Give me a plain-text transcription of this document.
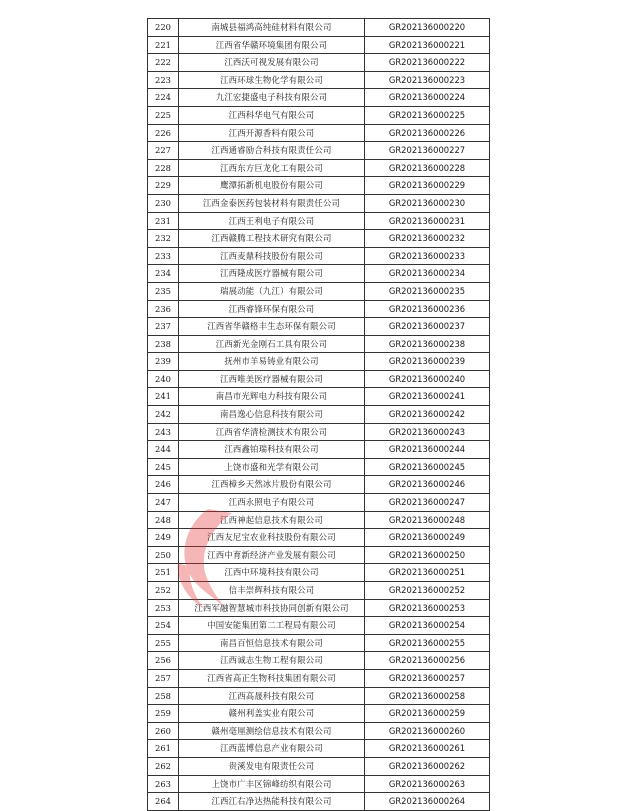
220	南城县福鸿高纯硅材料有限公司	GR202136000220
221	江西省华赣环境集团有限公司	GR202136000221
222	江西沃可视发展有限公司	GR202136000222
223	江西环球生物化学有限公司	GR202136000223
224	九江宏捷盛电子科技有限公司	GR202136000224
225	江西科华电气有限公司	GR202136000225
226	江西开源香料有限公司	GR202136000226
227	江西通睿励合科技有限责任公司	GR202136000227
228	江西东方巨龙化工有限公司	GR202136000228
229	鹰潭拓新机电股份有限公司	GR202136000229
230	江西金泰医药包装材料有限责任公司	GR202136000230
231	江西王利电子有限公司	GR202136000231
232	江西赣腾工程技术研究有限公司	GR202136000232
233	江西麦鼎科技股份有限公司	GR202136000233
234	江西隆成医疗器械有限公司	GR202136000234
235	瑞展动能（九江）有限公司	GR202136000235
236	江西睿锋环保有限公司	GR202136000236
237	江西省华赣格丰生态环保有限公司	GR202136000237
238	江西新光金刚石工具有限公司	GR202136000238
239	抚州市羊易铸业有限公司	GR202136000239
240	江西唯美医疗器械有限公司	GR202136000240
241	南昌市光辉电力科技有限公司	GR202136000241
242	南昌逸心信息科技有限公司	GR202136000242
243	江西省华清检测技术有限公司	GR202136000243
244	江西鑫铂瑞科技有限公司	GR202136000244
245	上饶市盛和光学有限公司	GR202136000245
246	江西樟乡天然冰片股份有限公司	GR202136000246
247	江西永照电子有限公司	GR202136000247
248	江西神起信息技术有限公司	GR202136000248
249	江西友尼宝农业科技股份有限公司	GR202136000249
250	江西中育新经济产业发展有限公司	GR202136000250
251	江西中环境科技有限公司	GR202136000251
252	信丰崇辉科技有限公司	GR202136000252
253	江西军融智慧城市科技协同创新有限公司	GR202136000253
254	中国安能集团第二工程局有限公司	GR202136000254
255	南昌百恒信息技术有限公司	GR202136000255
256	江西诚志生物工程有限公司	GR202136000256
257	江西省高正生物科技集团有限公司	GR202136000257
258	江西高晟科技有限公司	GR202136000258
259	赣州利盖实业有限公司	GR202136000259
260	赣州毫厘测绘信息技术有限公司	GR202136000260
261	江西蓝博信息产业有限公司	GR202136000261
262	贵溪发电有限责任公司	GR202136000262
263	上饶市广丰区锦峰纺织有限公司	GR202136000263
264	江西江右净达热能科技有限公司	GR202136000264
